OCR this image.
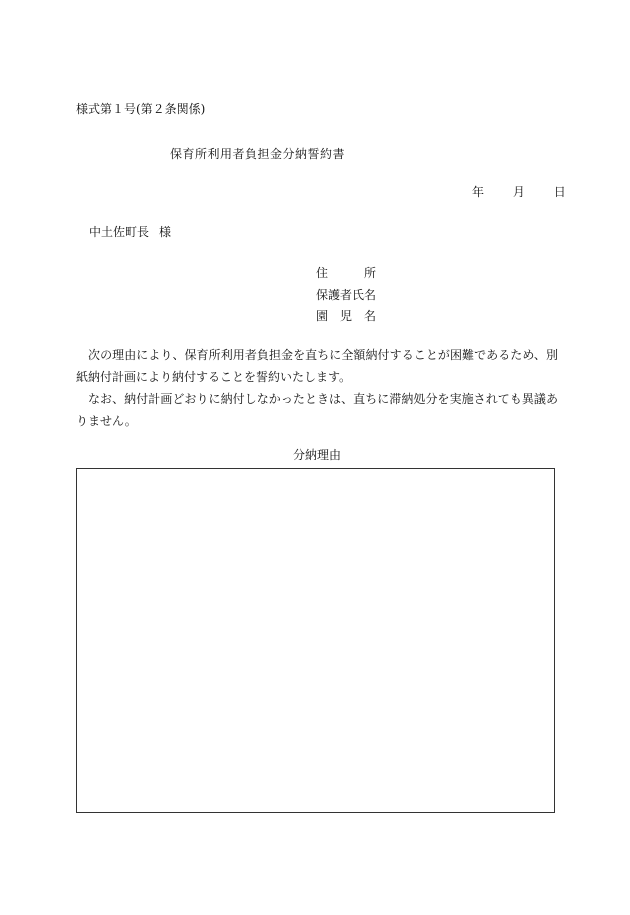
様式第１号(第２条関係)
保育所利用者負担金分納誓約書
年 月 日
中土佐町長 様
住所
保護者氏名
園児名

次の理由により、保育所利用者負担金を直ちに全額納付することが困難であるため、別紙納付計画により納付することを誓約いたします。

なお、納付計画どおりに納付しなかったときは、直ちに滞納処分を実施されても異議ありません。

分納理由
